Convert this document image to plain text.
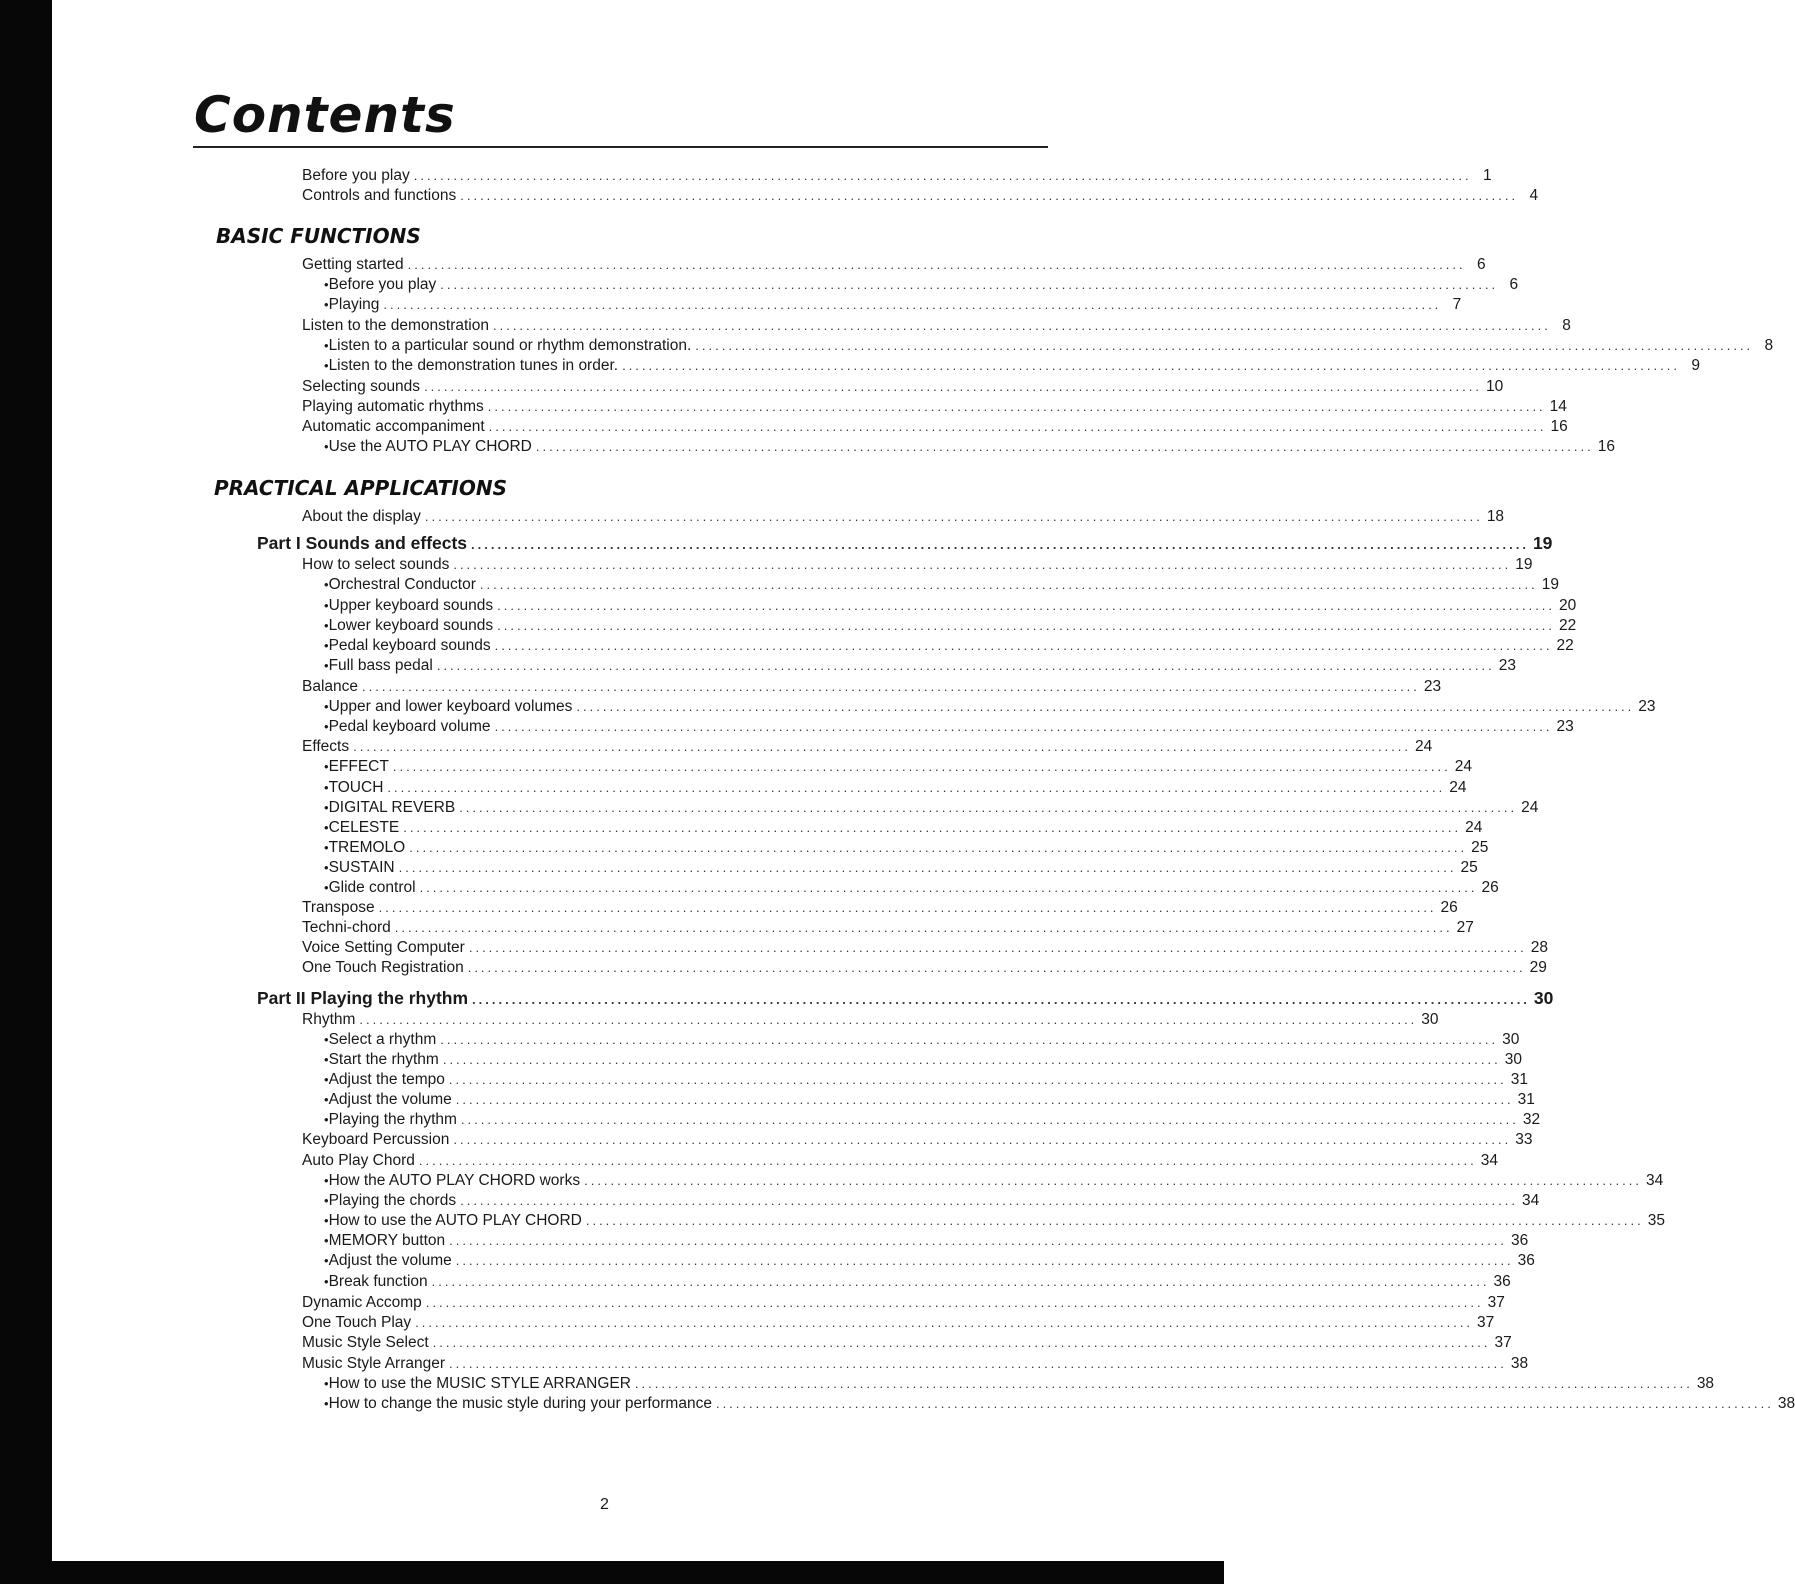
Contents
BASIC FUNCTIONS
PRACTICAL APPLICATIONS
Before you play ................................................................................................................................................................ 1
Controls and functions ................................................................................................................................................................ 4
Getting started ................................................................................................................................................................ 6
• Before you play ................................................................................................................................................................ 6
• Playing ................................................................................................................................................................ 7
Listen to the demonstration ................................................................................................................................................................ 8
• Listen to a particular sound or rhythm demonstration. ................................................................................................................................................................ 8
• Listen to the demonstration tunes in order. ................................................................................................................................................................ 9
Selecting sounds ................................................................................................................................................................ 10
Playing automatic rhythms ................................................................................................................................................................ 14
Automatic accompaniment ................................................................................................................................................................ 16
• Use the AUTO PLAY CHORD ................................................................................................................................................................ 16
About the display ................................................................................................................................................................ 18
Part I Sounds and effects ................................................................................................................................................................ 19
How to select sounds ................................................................................................................................................................ 19
• Orchestral Conductor ................................................................................................................................................................ 19
• Upper keyboard sounds ................................................................................................................................................................ 20
• Lower keyboard sounds ................................................................................................................................................................ 22
• Pedal keyboard sounds ................................................................................................................................................................ 22
• Full bass pedal ................................................................................................................................................................ 23
Balance ................................................................................................................................................................ 23
• Upper and lower keyboard volumes ................................................................................................................................................................ 23
• Pedal keyboard volume ................................................................................................................................................................ 23
Effects ................................................................................................................................................................ 24
• EFFECT ................................................................................................................................................................ 24
• TOUCH ................................................................................................................................................................ 24
• DIGITAL REVERB ................................................................................................................................................................ 24
• CELESTE ................................................................................................................................................................ 24
• TREMOLO ................................................................................................................................................................ 25
• SUSTAIN ................................................................................................................................................................ 25
• Glide control ................................................................................................................................................................ 26
Transpose ................................................................................................................................................................ 26
Techni-chord ................................................................................................................................................................ 27
Voice Setting Computer ................................................................................................................................................................ 28
One Touch Registration ................................................................................................................................................................ 29
Part II Playing the rhythm ................................................................................................................................................................ 30
Rhythm ................................................................................................................................................................ 30
• Select a rhythm ................................................................................................................................................................ 30
• Start the rhythm ................................................................................................................................................................ 30
• Adjust the tempo ................................................................................................................................................................ 31
• Adjust the volume ................................................................................................................................................................ 31
• Playing the rhythm ................................................................................................................................................................ 32
Keyboard Percussion ................................................................................................................................................................ 33
Auto Play Chord ................................................................................................................................................................ 34
• How the AUTO PLAY CHORD works ................................................................................................................................................................ 34
• Playing the chords ................................................................................................................................................................ 34
• How to use the AUTO PLAY CHORD ................................................................................................................................................................ 35
• MEMORY button ................................................................................................................................................................ 36
• Adjust the volume ................................................................................................................................................................ 36
• Break function ................................................................................................................................................................ 36
Dynamic Accomp ................................................................................................................................................................ 37
One Touch Play ................................................................................................................................................................ 37
Music Style Select ................................................................................................................................................................ 37
Music Style Arranger ................................................................................................................................................................ 38
• How to use the MUSIC STYLE ARRANGER ................................................................................................................................................................ 38
• How to change the music style during your performance ................................................................................................................................................................ 38
2
